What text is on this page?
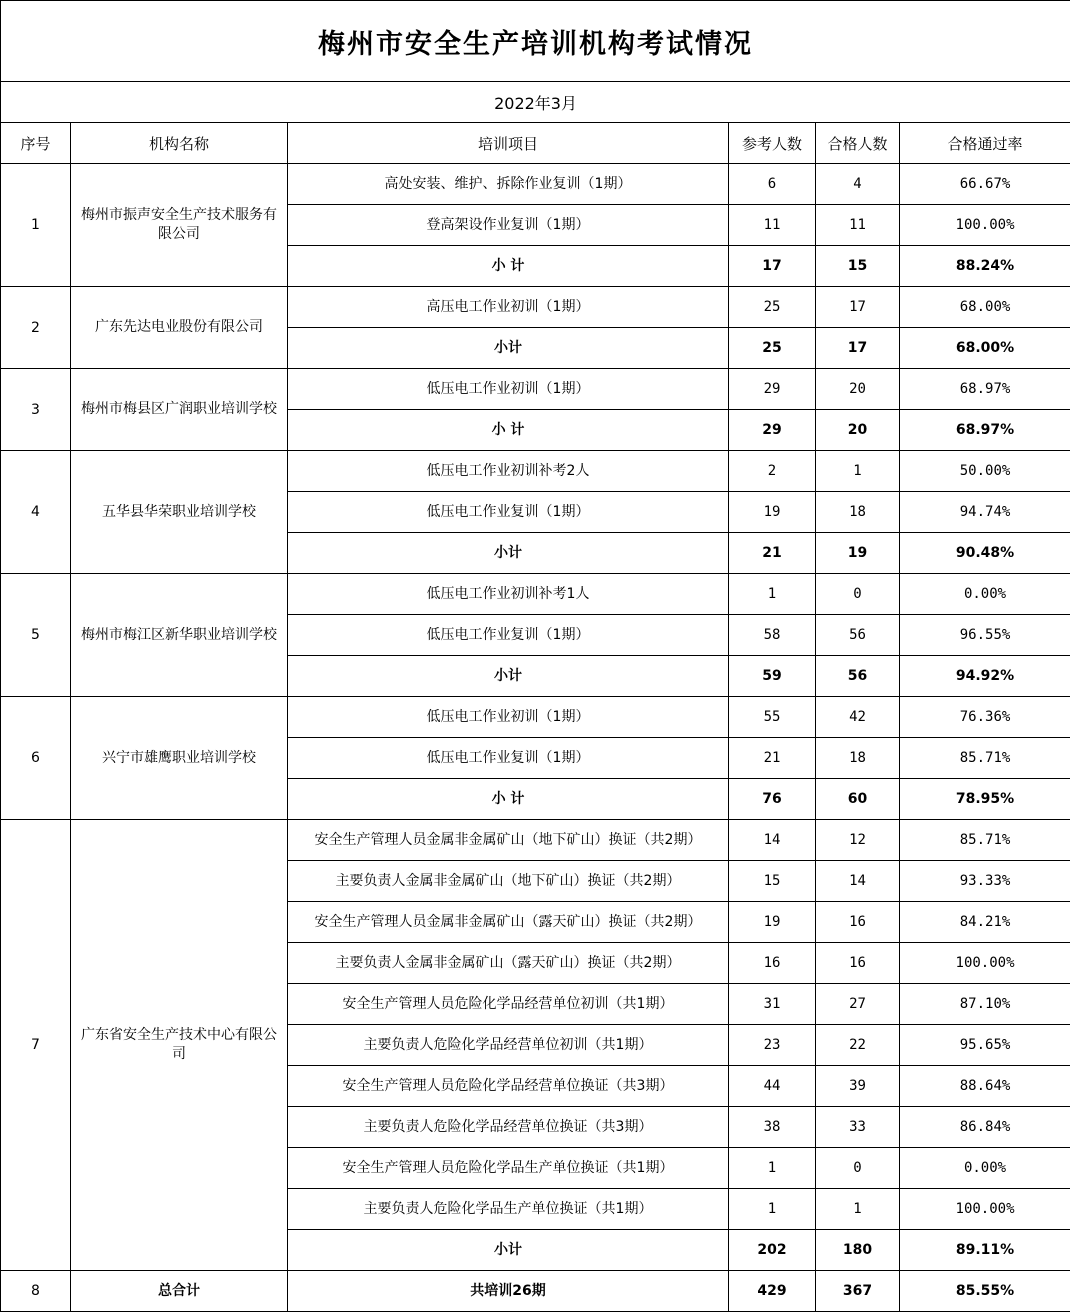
梅州市安全生产培训机构考试情况					
2022年3月					
序号	机构名称	培训项目	参考人数	合格人数	合格通过率
1	梅州市振声安全生产技术服务有限公司	高处安装、维护、拆除作业复训（1期）	6	4	66.67%
		登高架设作业复训（1期）	11	11	100.00%
		小 计	17	15	88.24%
2	广东先达电业股份有限公司	高压电工作业初训（1期）	25	17	68.00%
		小计	25	17	68.00%
3	梅州市梅县区广润职业培训学校	低压电工作业初训（1期）	29	20	68.97%
		小 计	29	20	68.97%
4	五华县华荣职业培训学校	低压电工作业初训补考2人	2	1	50.00%
		低压电工作业复训（1期）	19	18	94.74%
		小计	21	19	90.48%
5	梅州市梅江区新华职业培训学校	低压电工作业初训补考1人	1	0	0.00%
		低压电工作业复训（1期）	58	56	96.55%
		小计	59	56	94.92%
6	兴宁市雄鹰职业培训学校	低压电工作业初训（1期）	55	42	76.36%
		低压电工作业复训（1期）	21	18	85.71%
		小 计	76	60	78.95%
7	广东省安全生产技术中心有限公司	安全生产管理人员金属非金属矿山（地下矿山）换证（共2期）	14	12	85.71%
		主要负责人金属非金属矿山（地下矿山）换证（共2期）	15	14	93.33%
		安全生产管理人员金属非金属矿山（露天矿山）换证（共2期）	19	16	84.21%
		主要负责人金属非金属矿山（露天矿山）换证（共2期）	16	16	100.00%
		安全生产管理人员危险化学品经营单位初训（共1期）	31	27	87.10%
		主要负责人危险化学品经营单位初训（共1期）	23	22	95.65%
		安全生产管理人员危险化学品经营单位换证（共3期）	44	39	88.64%
		主要负责人危险化学品经营单位换证（共3期）	38	33	86.84%
		安全生产管理人员危险化学品生产单位换证（共1期）	1	0	0.00%
		主要负责人危险化学品生产单位换证（共1期）	1	1	100.00%
		小计	202	180	89.11%
8	总合计	共培训26期	429	367	85.55%
